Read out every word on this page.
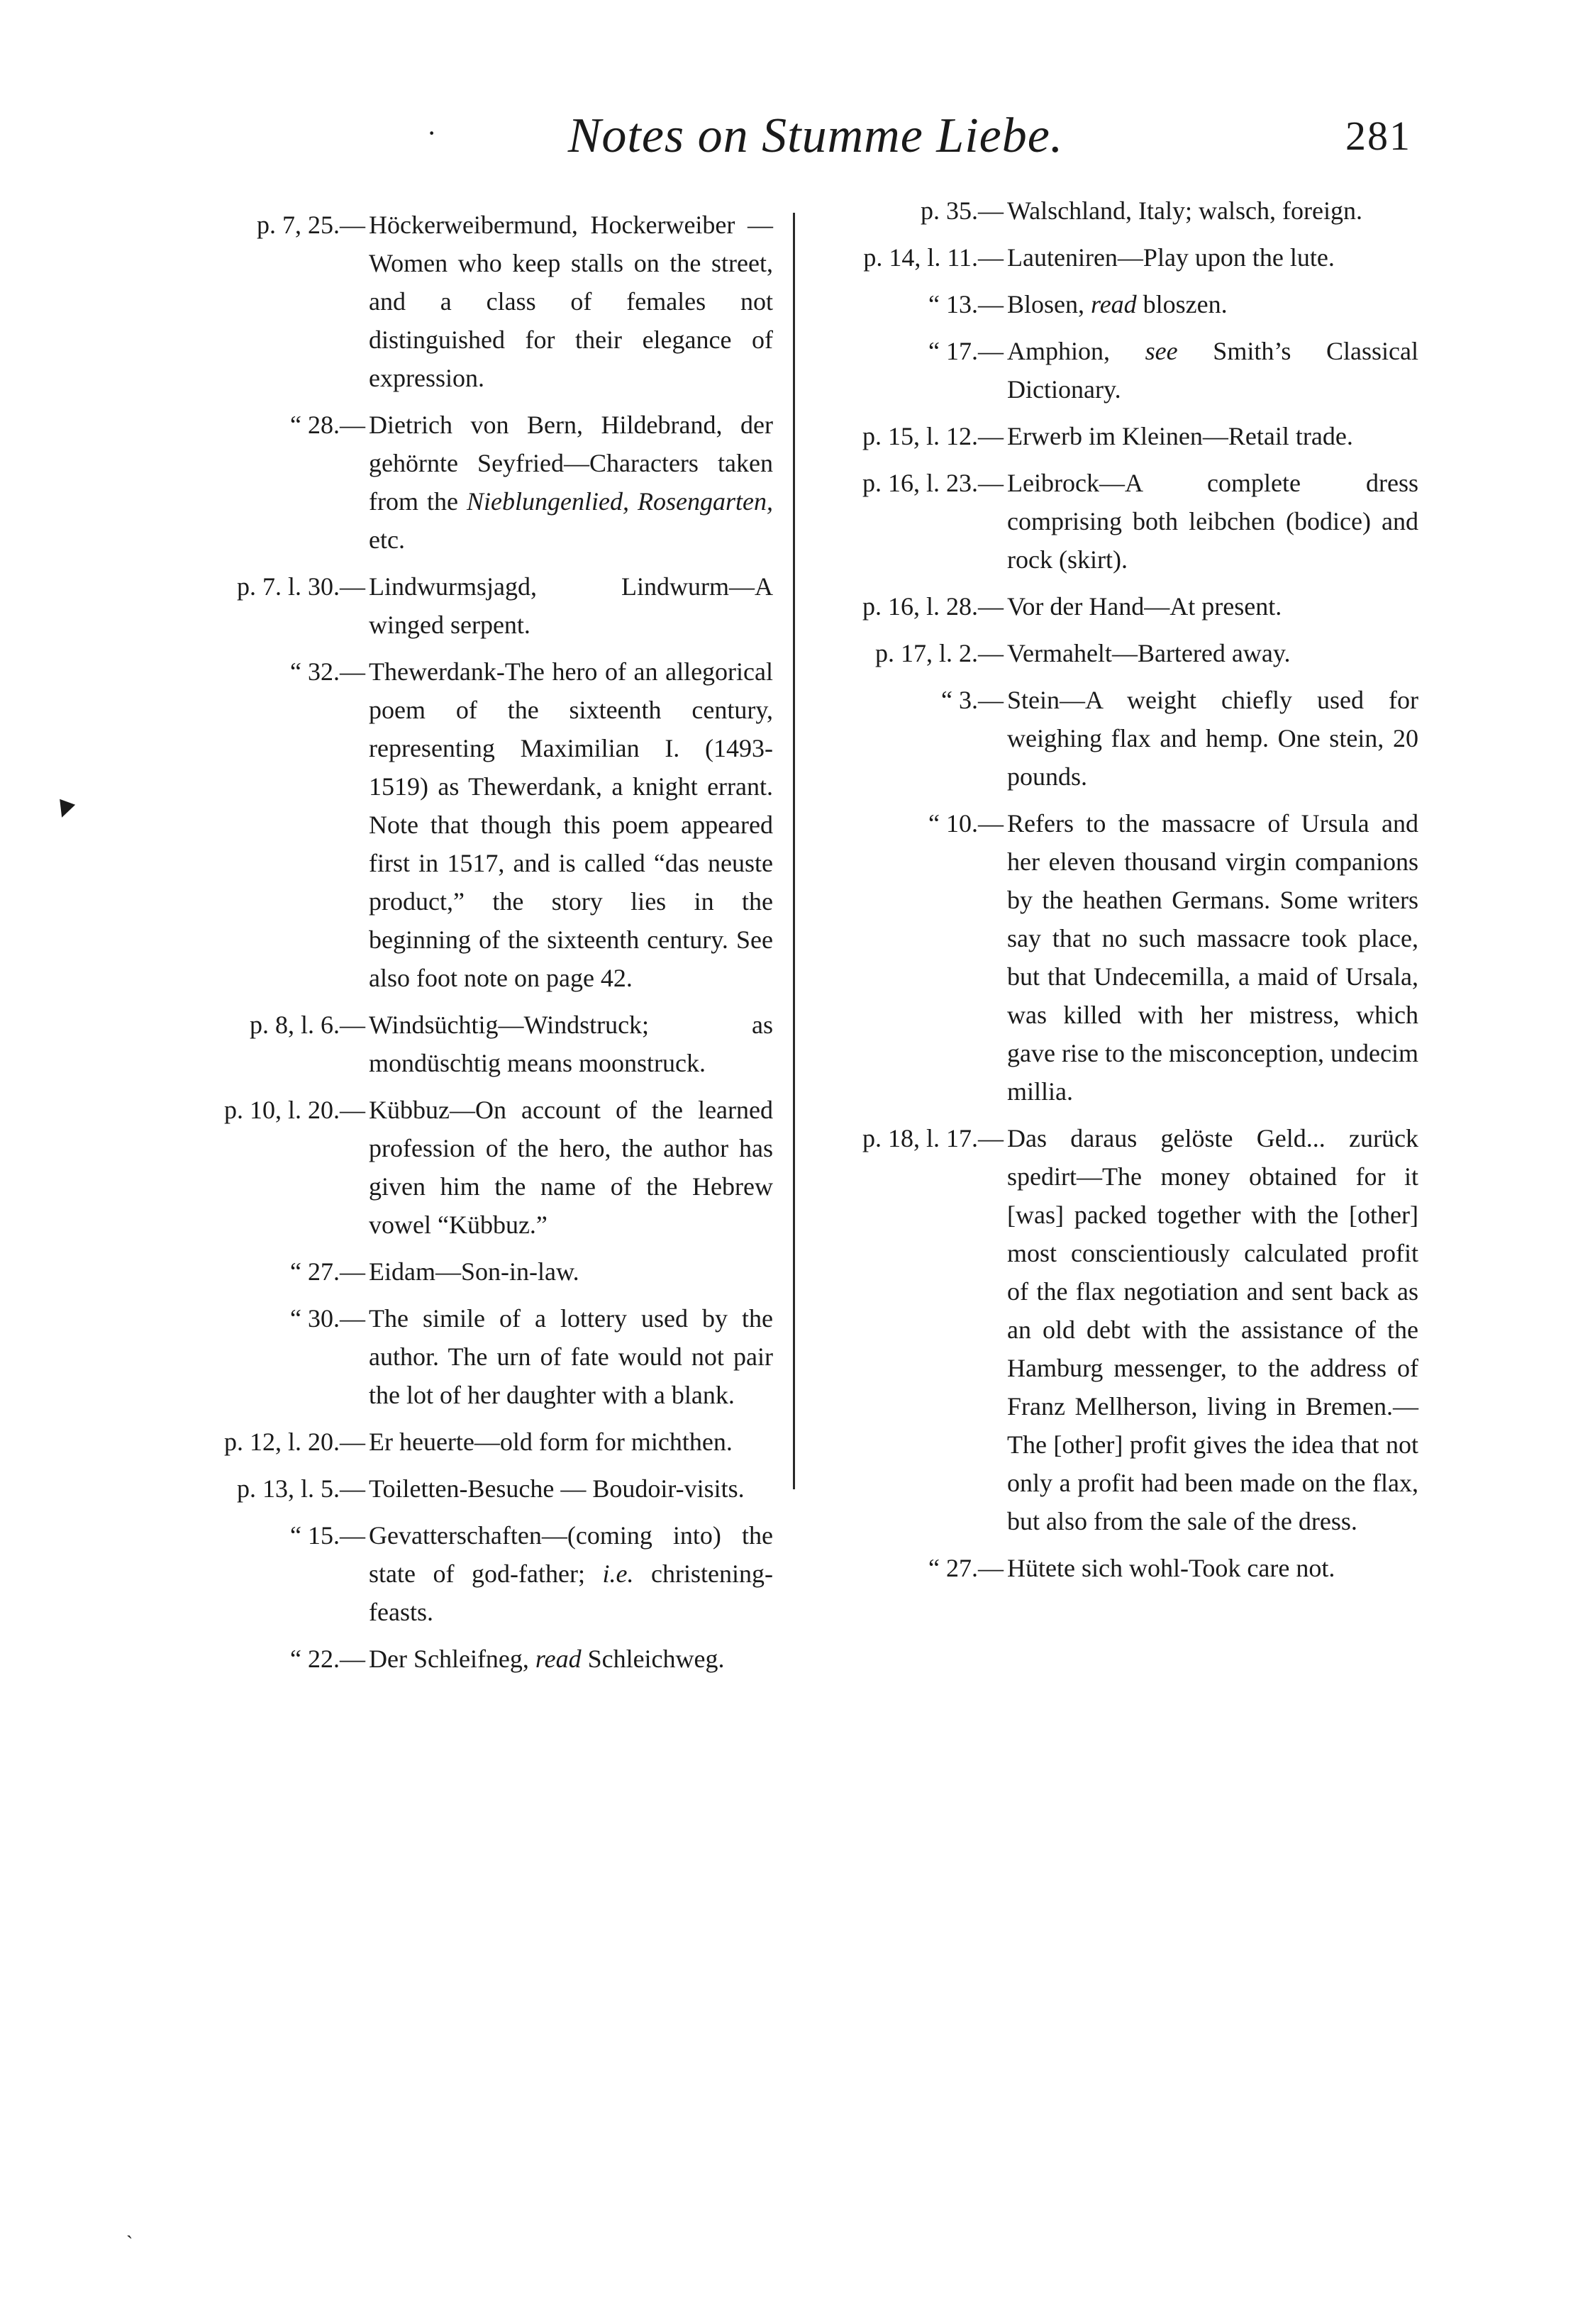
·	Notes on Stumme Liebe.	281
▼
ˋ
p. 7, 25.— Höckerweibermund, Hockerweiber —Women who keep stalls on the street, and a class of females not distinguished for their elegance of expression.
“ 28.— Dietrich von Bern, Hildebrand, der gehörnte Seyfried—Characters taken from the Nieblungenlied, Rosengarten, etc.
p. 7. l. 30.— Lindwurmsjagd, Lindwurm—A winged serpent.
“ 32.— Thewerdank-The hero of an allegorical poem of the sixteenth century, representing Maximilian I. (1493-1519) as Thewerdank, a knight errant. Note that though this poem appeared first in 1517, and is called “das neuste product,” the story lies in the beginning of the sixteenth century. See also foot note on page 42.
p. 8, l. 6.— Windsüchtig—Windstruck; as mondüschtig means moonstruck.
p. 10, l. 20.— Kübbuz—On account of the learned profession of the hero, the author has given him the name of the Hebrew vowel “Kübbuz.”
“ 27.— Eidam—Son-in-law.
“ 30.— The simile of a lottery used by the author. The urn of fate would not pair the lot of her daughter with a blank.
p. 12, l. 20.— Er heuerte—old form for michthen.
p. 13, l. 5.— Toiletten-Besuche — Boudoir-visits.
“ 15.— Gevatterschaften—(coming into) the state of god-father; i.e. christening-feasts.
“ 22.— Der Schleifneg, read Schleichweg.
p. 35.— Walschland, Italy; walsch, foreign.
p. 14, l. 11.— Lauteniren—Play upon the lute.
“ 13.— Blosen, read bloszen.
“ 17.— Amphion, see Smith’s Classical Dictionary.
p. 15, l. 12.— Erwerb im Kleinen—Retail trade.
p. 16, l. 23.— Leibrock—A complete dress comprising both leibchen (bodice) and rock (skirt).
p. 16, l. 28.— Vor der Hand—At present.
p. 17, l. 2.— Vermahelt—Bartered away.
“ 3.— Stein—A weight chiefly used for weighing flax and hemp. One stein, 20 pounds.
“ 10.— Refers to the massacre of Ursula and her eleven thousand virgin companions by the heathen Germans. Some writers say that no such massacre took place, but that Undecemilla, a maid of Ursala, was killed with her mistress, which gave rise to the misconception, undecim millia.
p. 18, l. 17.— Das daraus gelöste Geld... zurück spedirt—The money obtained for it [was] packed together with the [other] most conscientiously calculated profit of the flax negotiation and sent back as an old debt with the assistance of the Hamburg messenger, to the address of Franz Mellherson, living in Bremen.—The [other] profit gives the idea that not only a profit had been made on the flax, but also from the sale of the dress.
“ 27.— Hütete sich wohl-Took care not.
